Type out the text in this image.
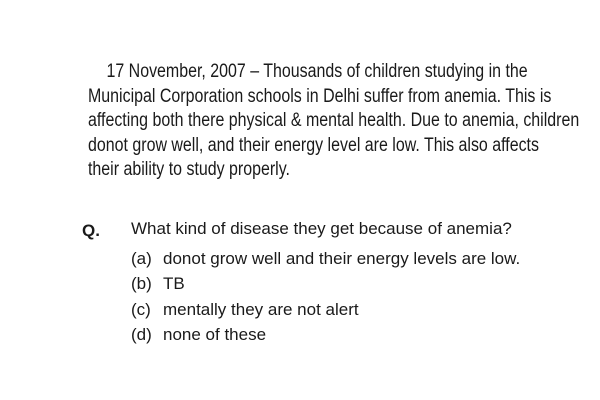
17 November, 2007 – Thousands of children studying in the
Municipal Corporation schools in Delhi suffer from anemia. This is
affecting both there physical & mental health. Due to anemia, children
donot grow well, and their energy level are low. This also affects
their ability to study properly.
Q. What kind of disease they get because of anemia?
(a) donot grow well and their energy levels are low.
(b) TB
(c) mentally they are not alert
(d) none of these
